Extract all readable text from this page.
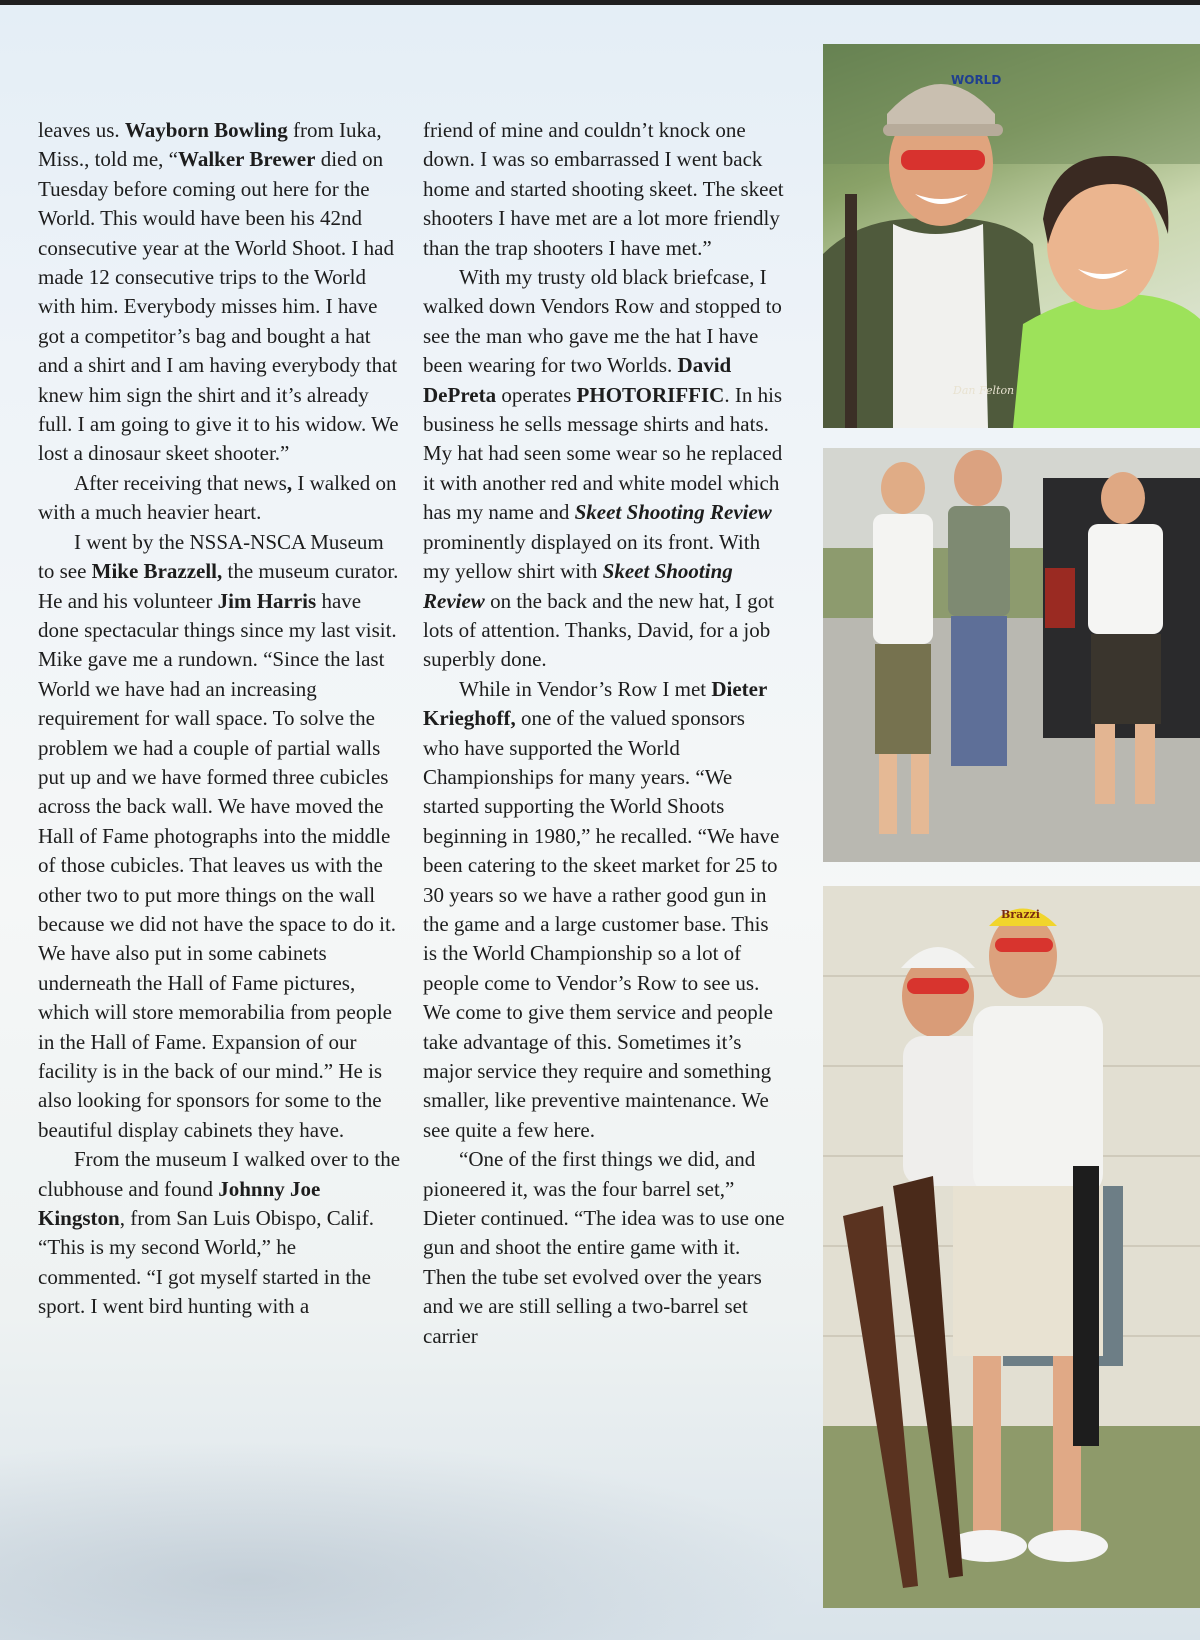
leaves us. Wayborn Bowling from Iuka, Miss., told me, “Walker Brewer died on Tuesday before coming out here for the World. This would have been his 42nd consecutive year at the World Shoot. I had made 12 consecutive trips to the World with him. Everybody misses him. I have got a competitor’s bag and bought a hat and a shirt and I am having everybody that knew him sign the shirt and it’s already full. I am going to give it to his widow. We lost a dinosaur skeet shooter.”

After receiving that news, I walked on with a much heavier heart.

I went by the NSSA-NSCA Museum to see Mike Brazzell, the museum curator. He and his volunteer Jim Harris have done spectacular things since my last visit. Mike gave me a rundown. “Since the last World we have had an increasing requirement for wall space. To solve the problem we had a couple of partial walls put up and we have formed three cubicles across the back wall. We have moved the Hall of Fame photographs into the middle of those cubicles. That leaves us with the other two to put more things on the wall because we did not have the space to do it. We have also put in some cabinets underneath the Hall of Fame pictures, which will store memorabilia from people in the Hall of Fame. Expansion of our facility is in the back of our mind.” He is also looking for sponsors for some to the beautiful display cabinets they have.

From the museum I walked over to the clubhouse and found Johnny Joe Kingston, from San Luis Obispo, Calif. “This is my second World,” he commented. “I got myself started in the sport. I went bird hunting with a

friend of mine and couldn’t knock one down. I was so embarrassed I went back home and started shooting skeet. The skeet shooters I have met are a lot more friendly than the trap shooters I have met.”

With my trusty old black briefcase, I walked down Vendors Row and stopped to see the man who gave me the hat I have been wearing for two Worlds. David DePreta operates PHOTORIFFIC. In his business he sells message shirts and hats. My hat had seen some wear so he replaced it with another red and white model which has my name and Skeet Shooting Review prominently displayed on its front. With my yellow shirt with Skeet Shooting Review on the back and the new hat, I got lots of attention. Thanks, David, for a job superbly done.

While in Vendor’s Row I met Dieter Krieghoff, one of the valued sponsors who have supported the World Championships for many years. “We started supporting the World Shoots beginning in 1980,” he recalled. “We have been catering to the skeet market for 25 to 30 years so we have a rather good gun in the game and a large customer base. This is the World Championship so a lot of people come to Vendor’s Row to see us. We come to give them service and people take advantage of this. Sometimes it’s major service they require and something smaller, like preventive maintenance. We see quite a few here.

“One of the first things we did, and pioneered it, was the four barrel set,” Dieter continued. “The idea was to use one gun and shoot the entire game with it. Then the tube set evolved over the years and we are still selling a two-barrel set carrier

WORLD
Dan Felton
Brazzi
